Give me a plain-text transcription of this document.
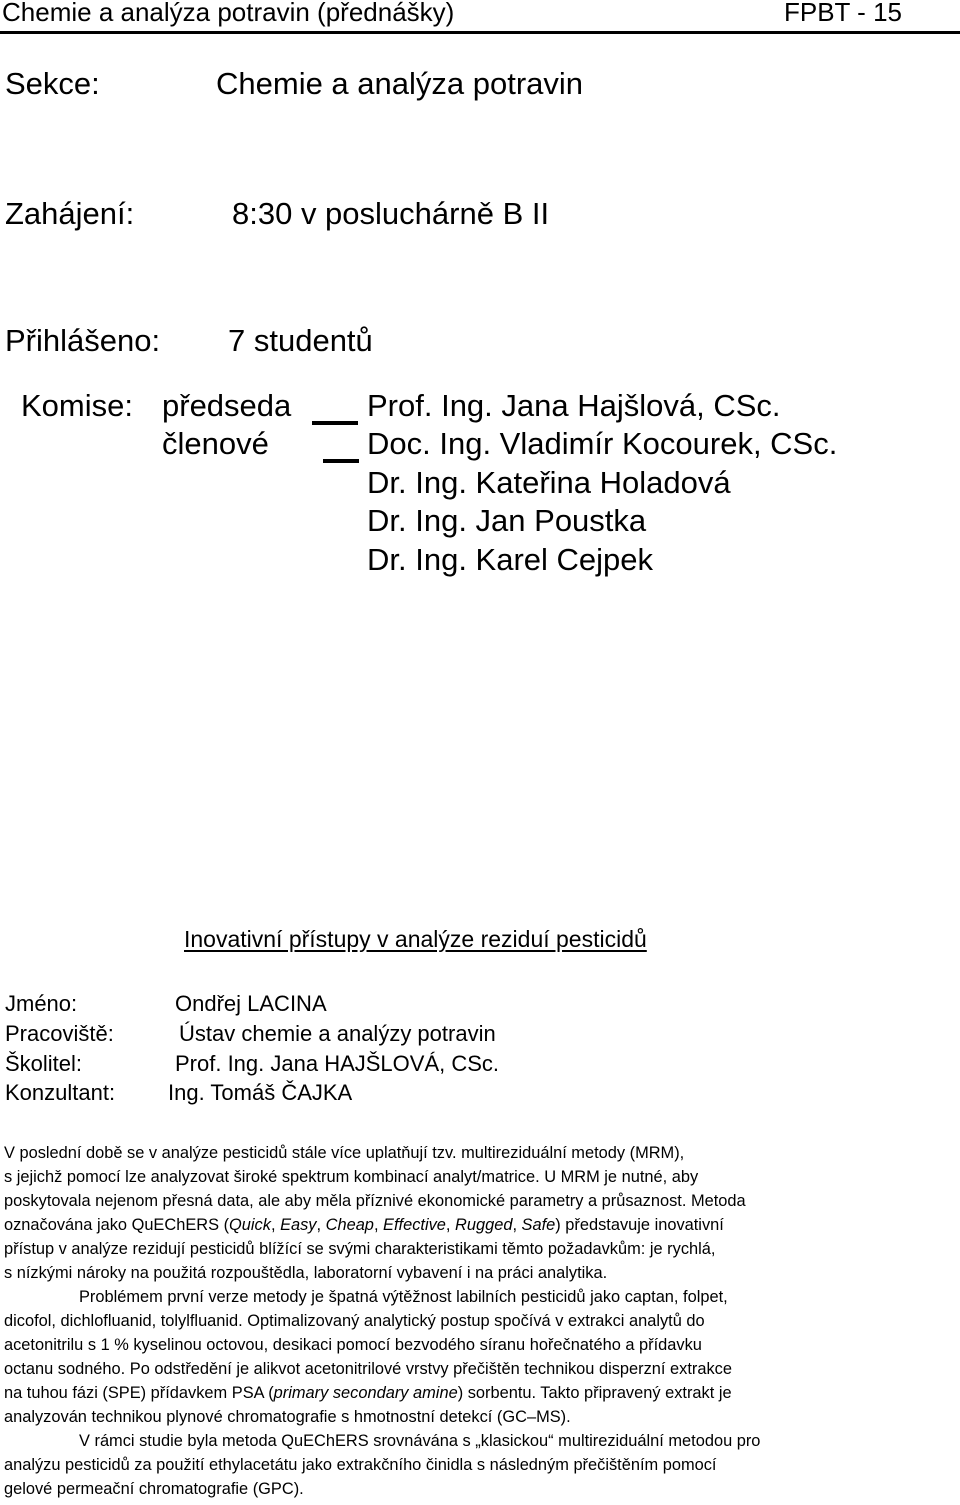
Chemie a analýza potravin (přednášky)	FPBT - 15
Sekce:	Chemie a analýza potravin
Zahájení:	8:30 v posluchárně B II
Přihlášeno: 7 studentů
Komise: předseda Prof. Ing. Jana Hajšlová, CSc.
členové	Doc. Ing. Vladimír Kocourek, CSc.
Dr. Ing. Kateřina Holadová
Dr. Ing. Jan Poustka
Dr. Ing. Karel Cejpek
Inovativní přístupy v analýze reziduí pesticidů
Jméno:	Ondřej LACINA
Pracoviště:	Ústav chemie a analýzy potravin
Školitel:	Prof. Ing. Jana HAJŠLOVÁ, CSc.
Konzultant: Ing. Tomáš ČAJKA
V poslední době se v analýze pesticidů stále více uplatňují tzv. multireziduální metody (MRM),
s jejichž pomocí lze analyzovat široké spektrum kombinací analyt/matrice. U MRM je nutné, aby
poskytovala nejenom přesná data, ale aby měla příznivé ekonomické parametry a průsaznost. Metoda
označována jako QuEChERS (Quick, Easy, Cheap, Effective, Rugged, Safe) představuje inovativní
přístup v analýze rezidují pesticidů blížící se svými charakteristikami těmto požadavkům: je rychlá,
s nízkými nároky na použitá rozpouštědla, laboratorní vybavení i na práci analytika.
Problémem první verze metody je špatná výtěžnost labilních pesticidů jako captan, folpet,
dicofol, dichlofluanid, tolylfluanid. Optimalizovaný analytický postup spočívá v extrakci analytů do
acetonitrilu s 1 % kyselinou octovou, desikaci pomocí bezvodého síranu hořečnatého a přídavku
octanu sodného. Po odstředění je alikvot acetonitrilové vrstvy přečištěn technikou disperzní extrakce
na tuhou fázi (SPE) přídavkem PSA (primary secondary amine) sorbentu. Takto připravený extrakt je
analyzován technikou plynové chromatografie s hmotnostní detekcí (GC–MS).
V rámci studie byla metoda QuEChERS srovnávána s „klasickou“ multireziduální metodou pro
analýzu pesticidů za použití ethylacetátu jako extrakčního činidla s následným přečištěním pomocí
gelové permeační chromatografie (GPC).
